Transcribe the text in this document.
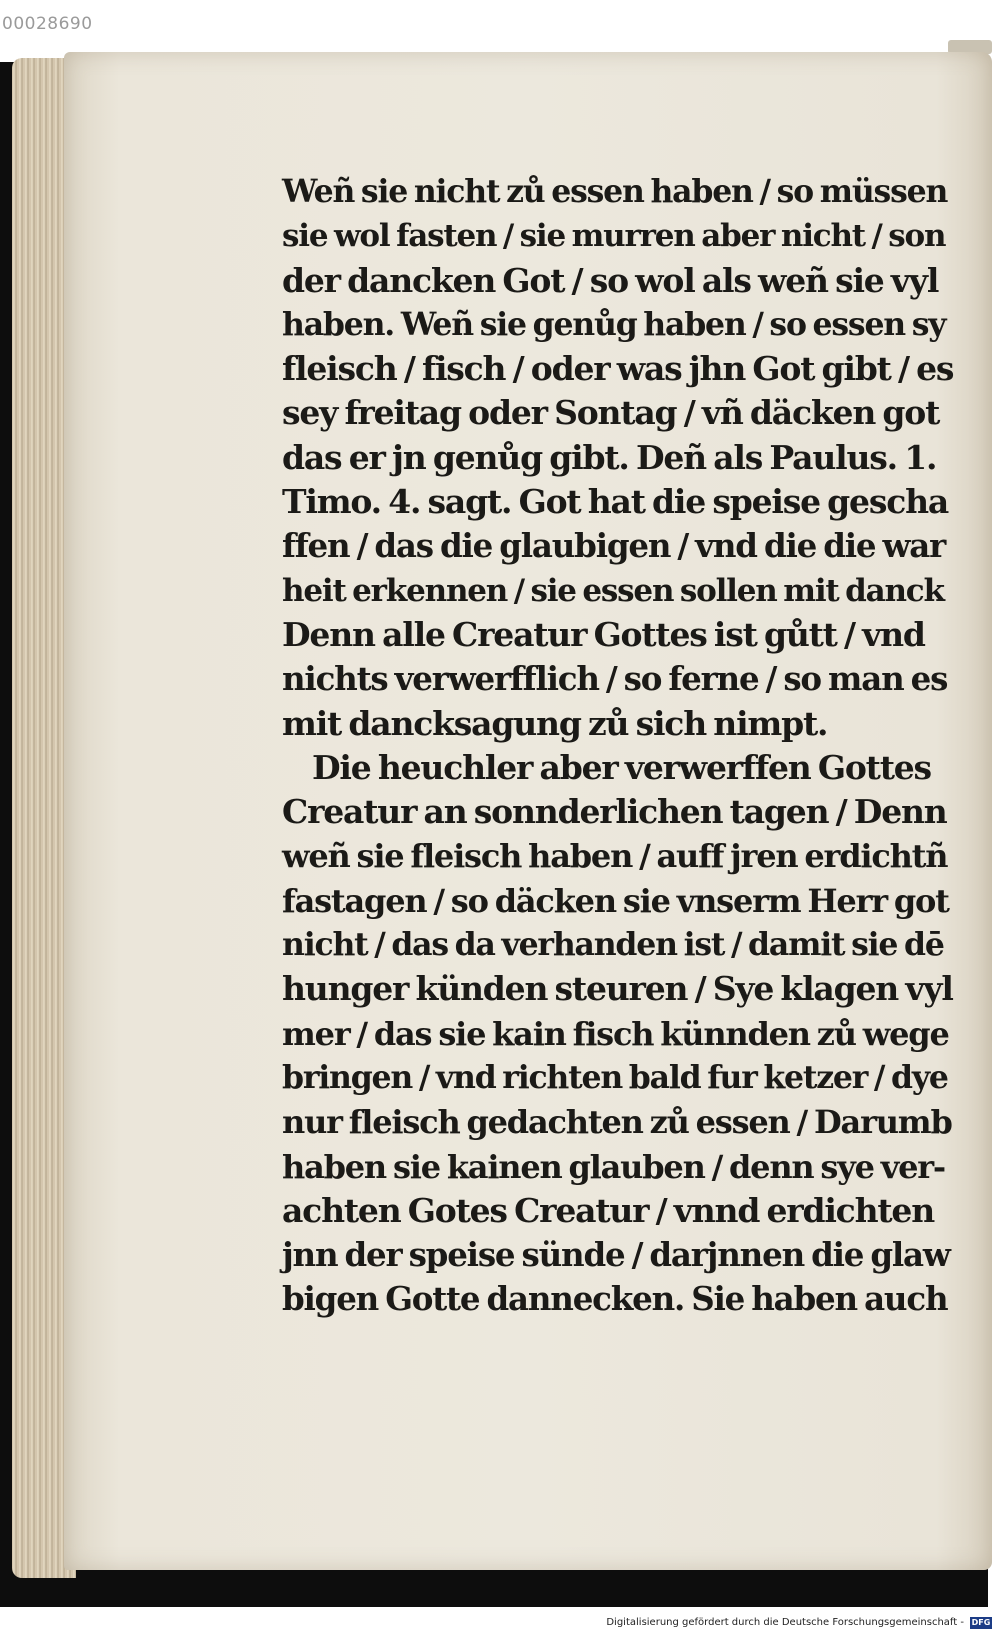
00028690
Weñ sie nicht zů essen haben / so müssen
sie wol fasten / sie murren aber nicht / son
der dancken Got / so wol als weñ sie vyl
haben. Weñ sie genůg haben / so essen sy
fleisch / fisch / oder was jhn Got gibt / es
sey freitag oder Sontag / vñ däcken got
das er jn genůg gibt. Deñ als Paulus. 1.
Timo. 4. sagt. Got hat die speise gescha
ffen / das die glaubigen / vnd die die war
heit erkennen / sie essen sollen mit danck
Denn alle Creatur Gottes ist gůtt / vnd
nichts verwerfflich / so ferne / so man es
mit dancksagung zů sich nimpt.
Die heuchler aber verwerffen Gottes
Creatur an sonnderlichen tagen / Denn
weñ sie fleisch haben / auff jren erdichtñ
fastagen / so däcken sie vnserm Herr got
nicht / das da verhanden ist / damit sie dē
hunger künden steuren / Sye klagen vyl
mer / das sie kain fisch künnden zů wege
bringen / vnd richten bald fur ketzer / dye
nur fleisch gedachten zů essen / Darumb
haben sie kainen glauben / denn sye ver-
achten Gotes Creatur / vnnd erdichten
jnn der speise sünde / darjnnen die glaw
bigen Gotte dannecken. Sie haben auch
Digitalisierung gefördert durch die Deutsche Forschungsgemeinschaft - DFG
